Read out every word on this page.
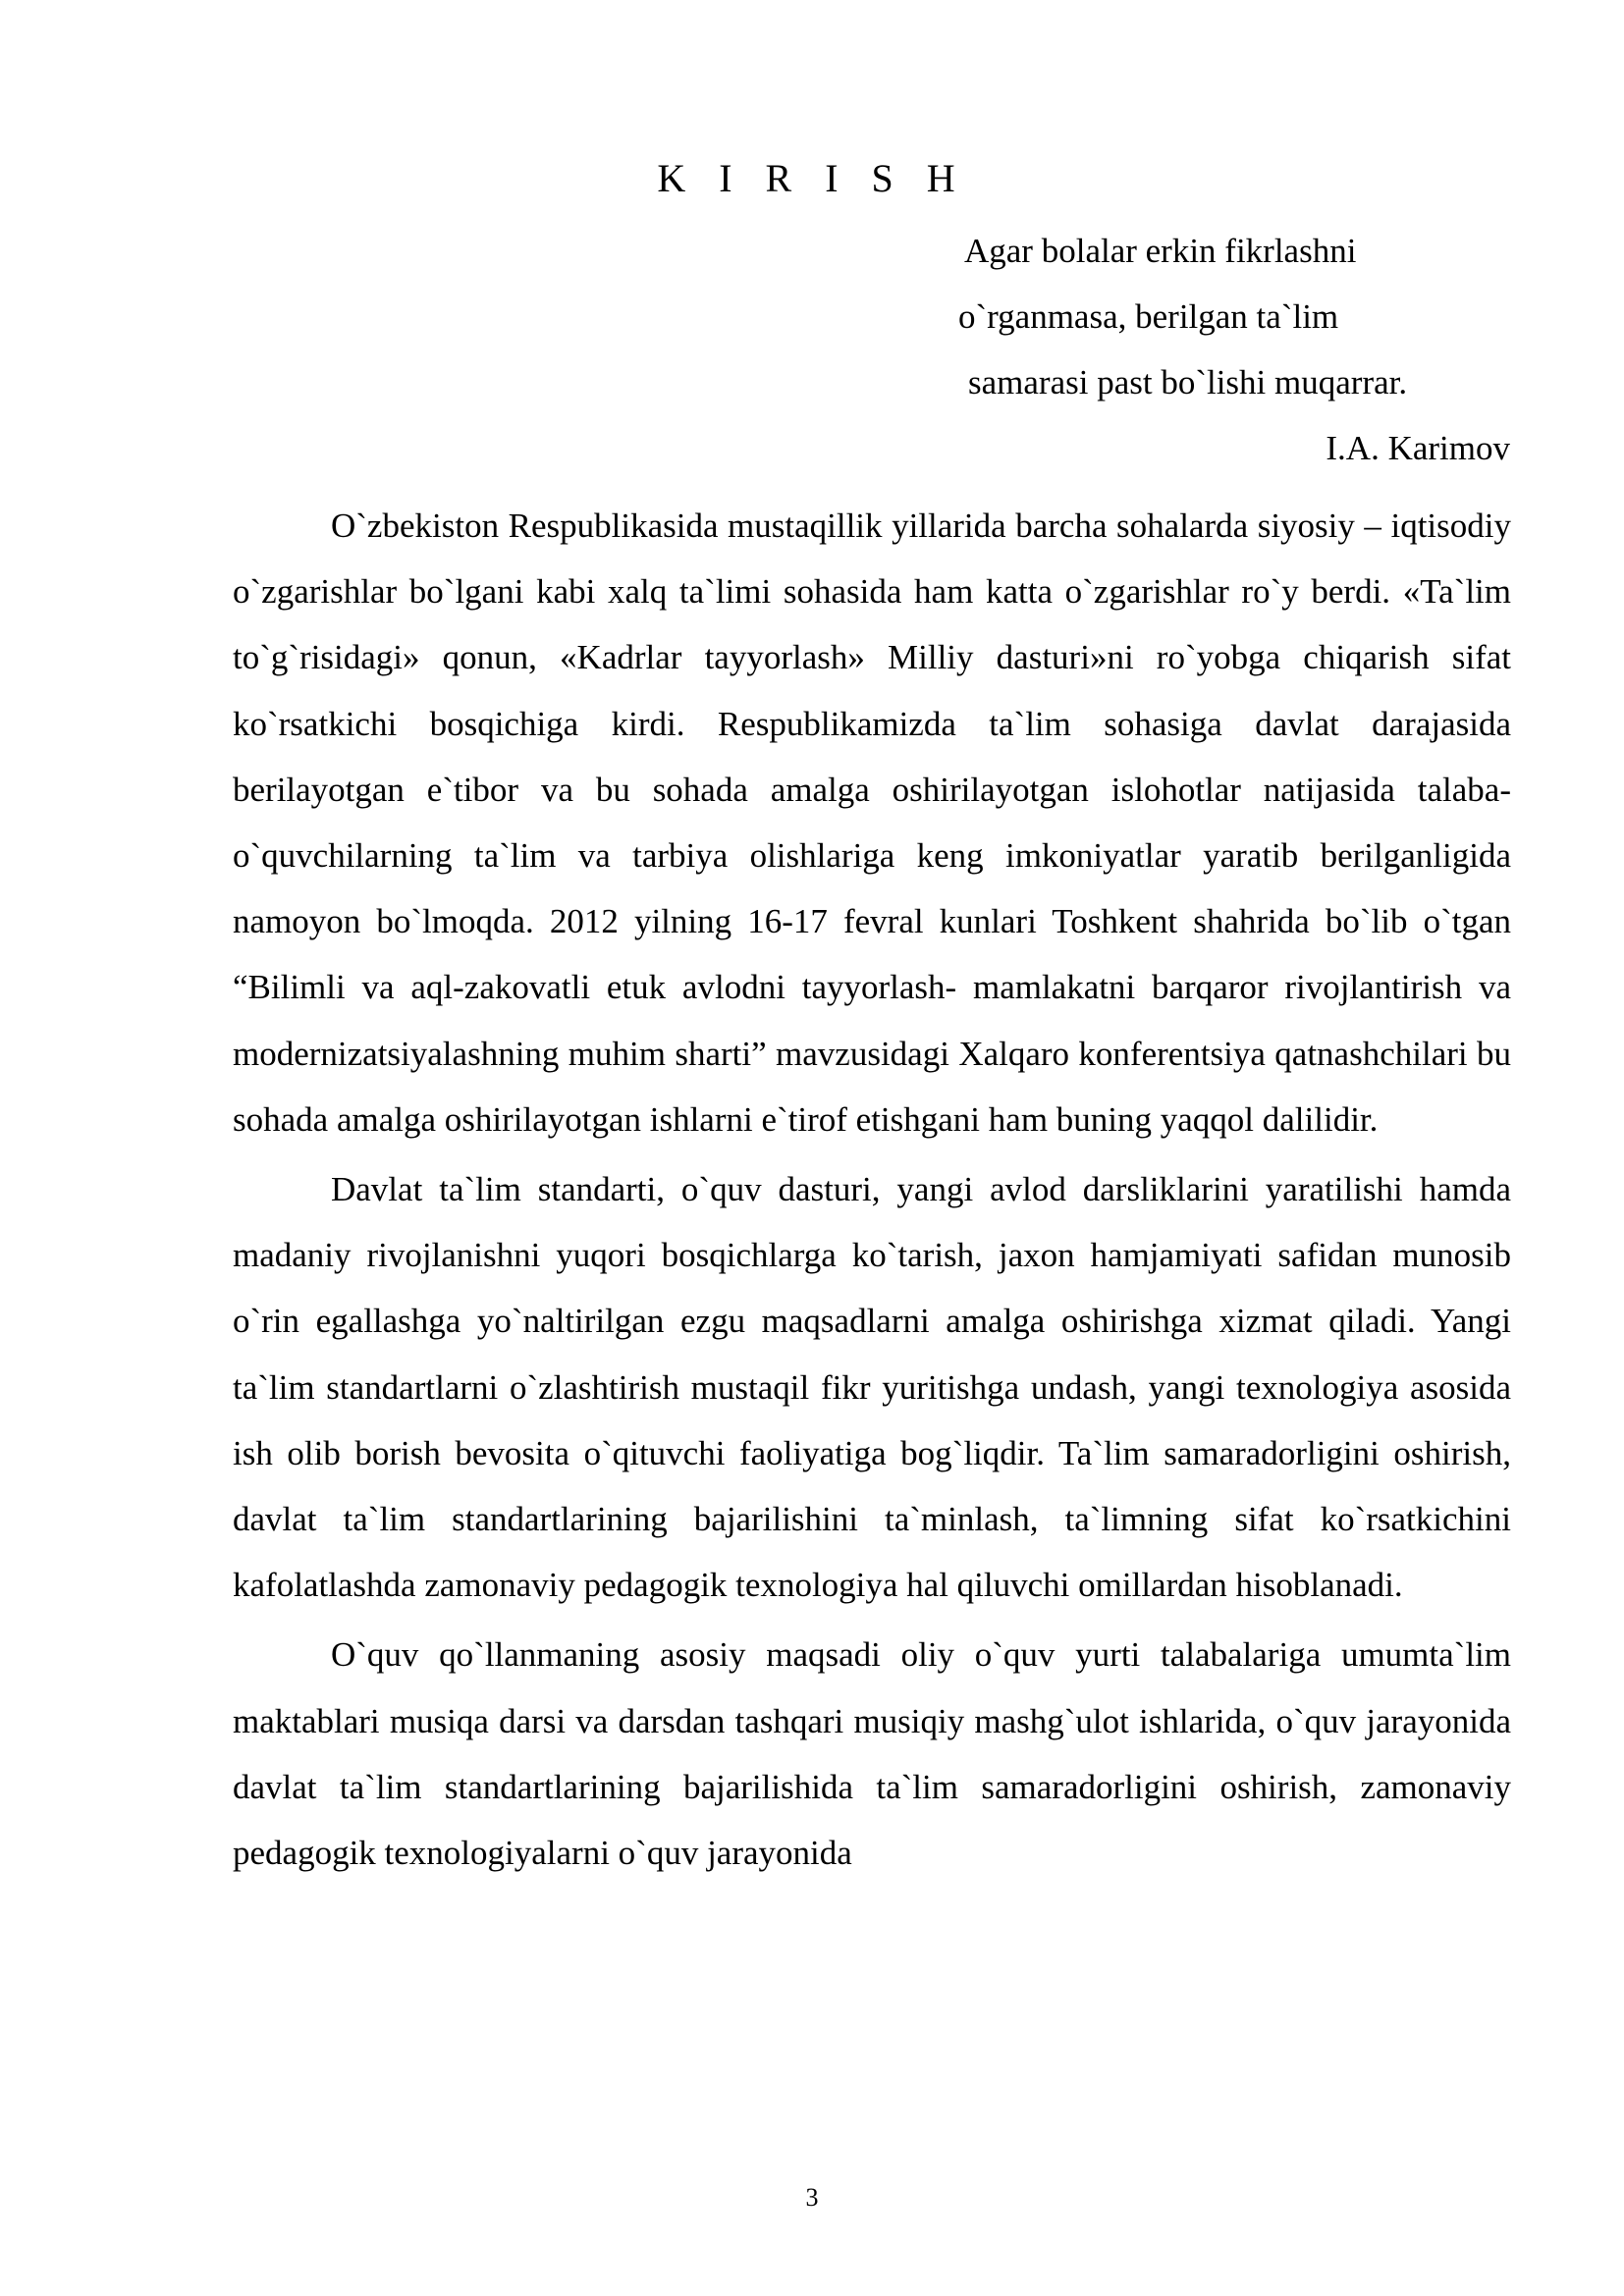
K I R I S H
Agar bolalar erkin fikrlashni
o`rganmasa, berilgan ta`lim
samarasi past bo`lishi muqarrar.
I.A. Karimov

O`zbekiston Respublikasida mustaqillik yillarida barcha sohalarda siyosiy – iqtisodiy o`zgarishlar bo`lgani kabi xalq ta`limi sohasida ham katta o`zgarishlar ro`y berdi. «Ta`lim to`g`risidagi» qonun, «Kadrlar tayyorlash» Milliy dasturi»ni ro`yobga chiqarish sifat ko`rsatkichi bosqichiga kirdi. Respublikamizda ta`lim sohasiga davlat darajasida berilayotgan e`tibor va bu sohada amalga oshirilayotgan islohotlar natijasida talaba-o`quvchilarning ta`lim va tarbiya olishlariga keng imkoniyatlar yaratib berilganligida namoyon bo`lmoqda. 2012 yilning 16-17 fevral kunlari Toshkent shahrida bo`lib o`tgan “Bilimli va aql-zakovatli etuk avlodni tayyorlash- mamlakatni barqaror rivojlantirish va modernizatsiyalashning muhim sharti” mavzusidagi Xalqaro konferentsiya qatnashchilari bu sohada amalga oshirilayotgan ishlarni e`tirof etishgani ham buning yaqqol dalilidir.

Davlat ta`lim standarti, o`quv dasturi, yangi avlod darsliklarini yaratilishi hamda madaniy rivojlanishni yuqori bosqichlarga ko`tarish, jaxon hamjamiyati safidan munosib o`rin egallashga yo`naltirilgan ezgu maqsadlarni amalga oshirishga xizmat qiladi. Yangi ta`lim standartlarni o`zlashtirish mustaqil fikr yuritishga undash, yangi texnologiya asosida ish olib borish bevosita o`qituvchi faoliyatiga bog`liqdir. Ta`lim samaradorligini oshirish, davlat ta`lim standartlarining bajarilishini ta`minlash, ta`limning sifat ko`rsatkichini kafolatlashda zamonaviy pedagogik texnologiya hal qiluvchi omillardan hisoblanadi.

O`quv qo`llanmaning asosiy maqsadi oliy o`quv yurti talabalariga umumta`lim maktablari musiqa darsi va darsdan tashqari musiqiy mashg`ulot ishlarida, o`quv jarayonida davlat ta`lim standartlarining bajarilishida ta`lim samaradorligini oshirish, zamonaviy pedagogik texnologiyalarni o`quv jarayonida

3
